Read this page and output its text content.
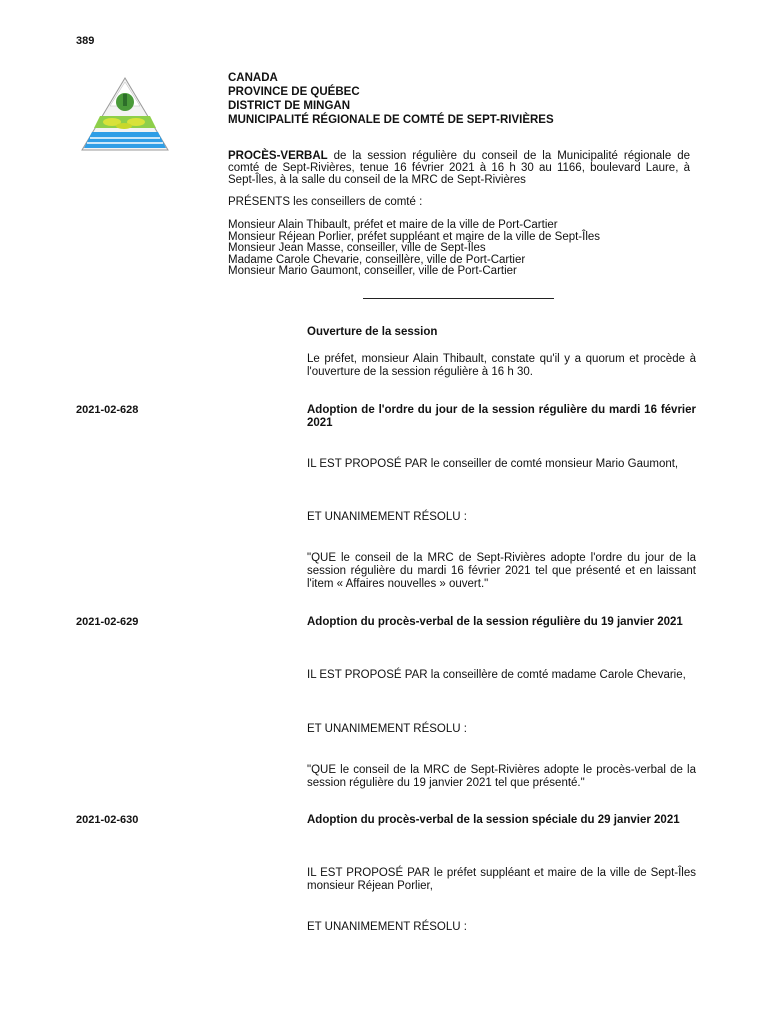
389
CANADA
PROVINCE DE QUÉBEC
DISTRICT DE MINGAN
MUNICIPALITÉ RÉGIONALE DE COMTÉ DE SEPT-RIVIÈRES
PROCÈS-VERBAL de la session régulière du conseil de la Municipalité régionale de comté de Sept-Rivières, tenue 16 février 2021 à 16 h 30 au 1166, boulevard Laure, à Sept-Îles, à la salle du conseil de la MRC de Sept-Rivières
PRÉSENTS les conseillers de comté :
Monsieur Alain Thibault, préfet et maire de la ville de Port-Cartier
Monsieur Réjean Porlier, préfet suppléant et maire de la ville de Sept-Îles
Monsieur Jean Masse, conseiller, ville de Sept-Îles
Madame Carole Chevarie, conseillère, ville de Port-Cartier
Monsieur Mario Gaumont, conseiller, ville de Port-Cartier
Ouverture de la session
Le préfet, monsieur Alain Thibault, constate qu'il y a quorum et procède à l'ouverture de la session régulière à 16 h 30.
2021-02-628	Adoption de l'ordre du jour de la session régulière du mardi 16 février 2021
IL EST PROPOSÉ PAR le conseiller de comté monsieur Mario Gaumont,
ET UNANIMEMENT RÉSOLU :
"QUE le conseil de la MRC de Sept-Rivières adopte l'ordre du jour de la session régulière du mardi 16 février 2021 tel que présenté et en laissant l'item « Affaires nouvelles » ouvert."
2021-02-629	Adoption du procès-verbal de la session régulière du 19 janvier 2021
IL EST PROPOSÉ PAR la conseillère de comté madame Carole Chevarie,
ET UNANIMEMENT RÉSOLU :
"QUE le conseil de la MRC de Sept-Rivières adopte le procès-verbal de la session régulière du 19 janvier 2021 tel que présenté."
2021-02-630	Adoption du procès-verbal de la session spéciale du 29 janvier 2021
IL EST PROPOSÉ PAR le préfet suppléant et maire de la ville de Sept-Îles monsieur Réjean Porlier,
ET UNANIMEMENT RÉSOLU :
